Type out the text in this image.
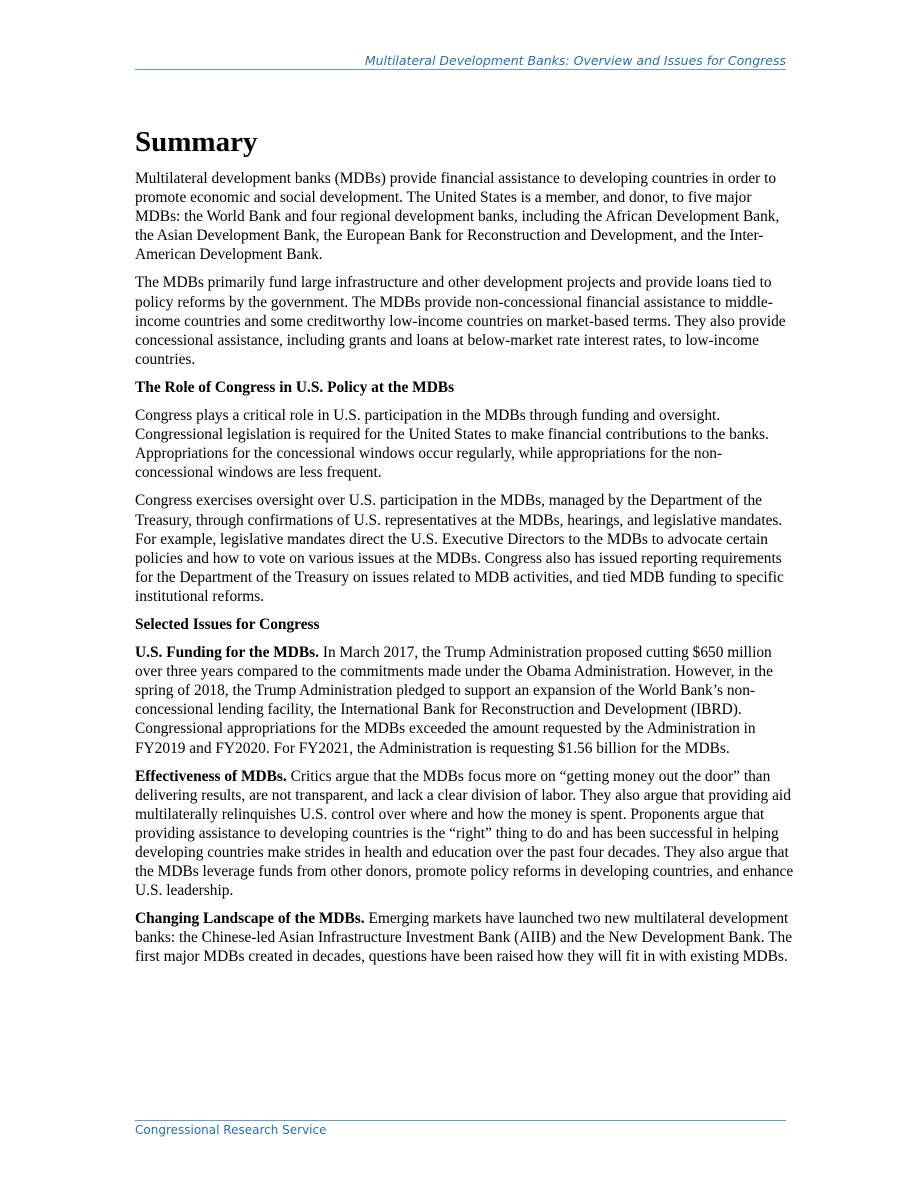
Multilateral Development Banks: Overview and Issues for Congress
Summary

Multilateral development banks (MDBs) provide financial assistance to developing countries in order to promote economic and social development. The United States is a member, and donor, to five major MDBs: the World Bank and four regional development banks, including the African Development Bank, the Asian Development Bank, the European Bank for Reconstruction and Development, and the Inter-American Development Bank.

The MDBs primarily fund large infrastructure and other development projects and provide loans tied to policy reforms by the government. The MDBs provide non-concessional financial assistance to middle-income countries and some creditworthy low-income countries on market-based terms. They also provide concessional assistance, including grants and loans at below-market rate interest rates, to low-income countries.

The Role of Congress in U.S. Policy at the MDBs

Congress plays a critical role in U.S. participation in the MDBs through funding and oversight. Congressional legislation is required for the United States to make financial contributions to the banks. Appropriations for the concessional windows occur regularly, while appropriations for the non-concessional windows are less frequent.

Congress exercises oversight over U.S. participation in the MDBs, managed by the Department of the Treasury, through confirmations of U.S. representatives at the MDBs, hearings, and legislative mandates. For example, legislative mandates direct the U.S. Executive Directors to the MDBs to advocate certain policies and how to vote on various issues at the MDBs. Congress also has issued reporting requirements for the Department of the Treasury on issues related to MDB activities, and tied MDB funding to specific institutional reforms.

Selected Issues for Congress

U.S. Funding for the MDBs. In March 2017, the Trump Administration proposed cutting $650 million over three years compared to the commitments made under the Obama Administration. However, in the spring of 2018, the Trump Administration pledged to support an expansion of the World Bank’s non-concessional lending facility, the International Bank for Reconstruction and Development (IBRD). Congressional appropriations for the MDBs exceeded the amount requested by the Administration in FY2019 and FY2020. For FY2021, the Administration is requesting $1.56 billion for the MDBs.

Effectiveness of MDBs. Critics argue that the MDBs focus more on “getting money out the door” than delivering results, are not transparent, and lack a clear division of labor. They also argue that providing aid multilaterally relinquishes U.S. control over where and how the money is spent. Proponents argue that providing assistance to developing countries is the “right” thing to do and has been successful in helping developing countries make strides in health and education over the past four decades. They also argue that the MDBs leverage funds from other donors, promote policy reforms in developing countries, and enhance U.S. leadership.

Changing Landscape of the MDBs. Emerging markets have launched two new multilateral development banks: the Chinese-led Asian Infrastructure Investment Bank (AIIB) and the New Development Bank. The first major MDBs created in decades, questions have been raised how they will fit in with existing MDBs.

Congressional Research Service
